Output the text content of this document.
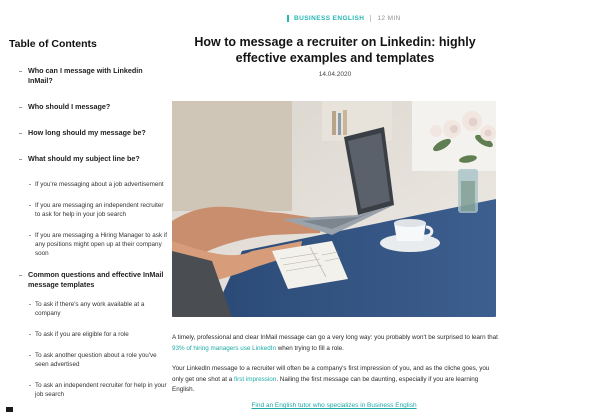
BUSINESS ENGLISH 12 MIN
Table of Contents
Who can I message with Linkedin InMail?
Who should I message?
How long should my message be?
What should my subject line be?
If you're messaging about a job advertisement
If you are messaging an independent recruiter to ask for help in your job search
If you are messaging a Hiring Manager to ask if any positions might open up at their company soon
Common questions and effective InMail message templates
To ask if there's any work available at a company
To ask if you are eligible for a role
To ask another question about a role you've seen advertised
To ask an independent recruiter for help in your job search
How to message a recruiter on Linkedin: highly effective examples and templates
14.04.2020

A timely, professional and clear InMail message can go a very long way: you probably won't be surprised to learn that 93% of hiring managers use LinkedIn when trying to fill a role.

Your LinkedIn message to a recruiter will often be a company's first impression of you, and as the cliche goes, you only get one shot at a first impression. Nailing the first message can be daunting, especially if you are learning English.

Find an English tutor who specializes in Business English
